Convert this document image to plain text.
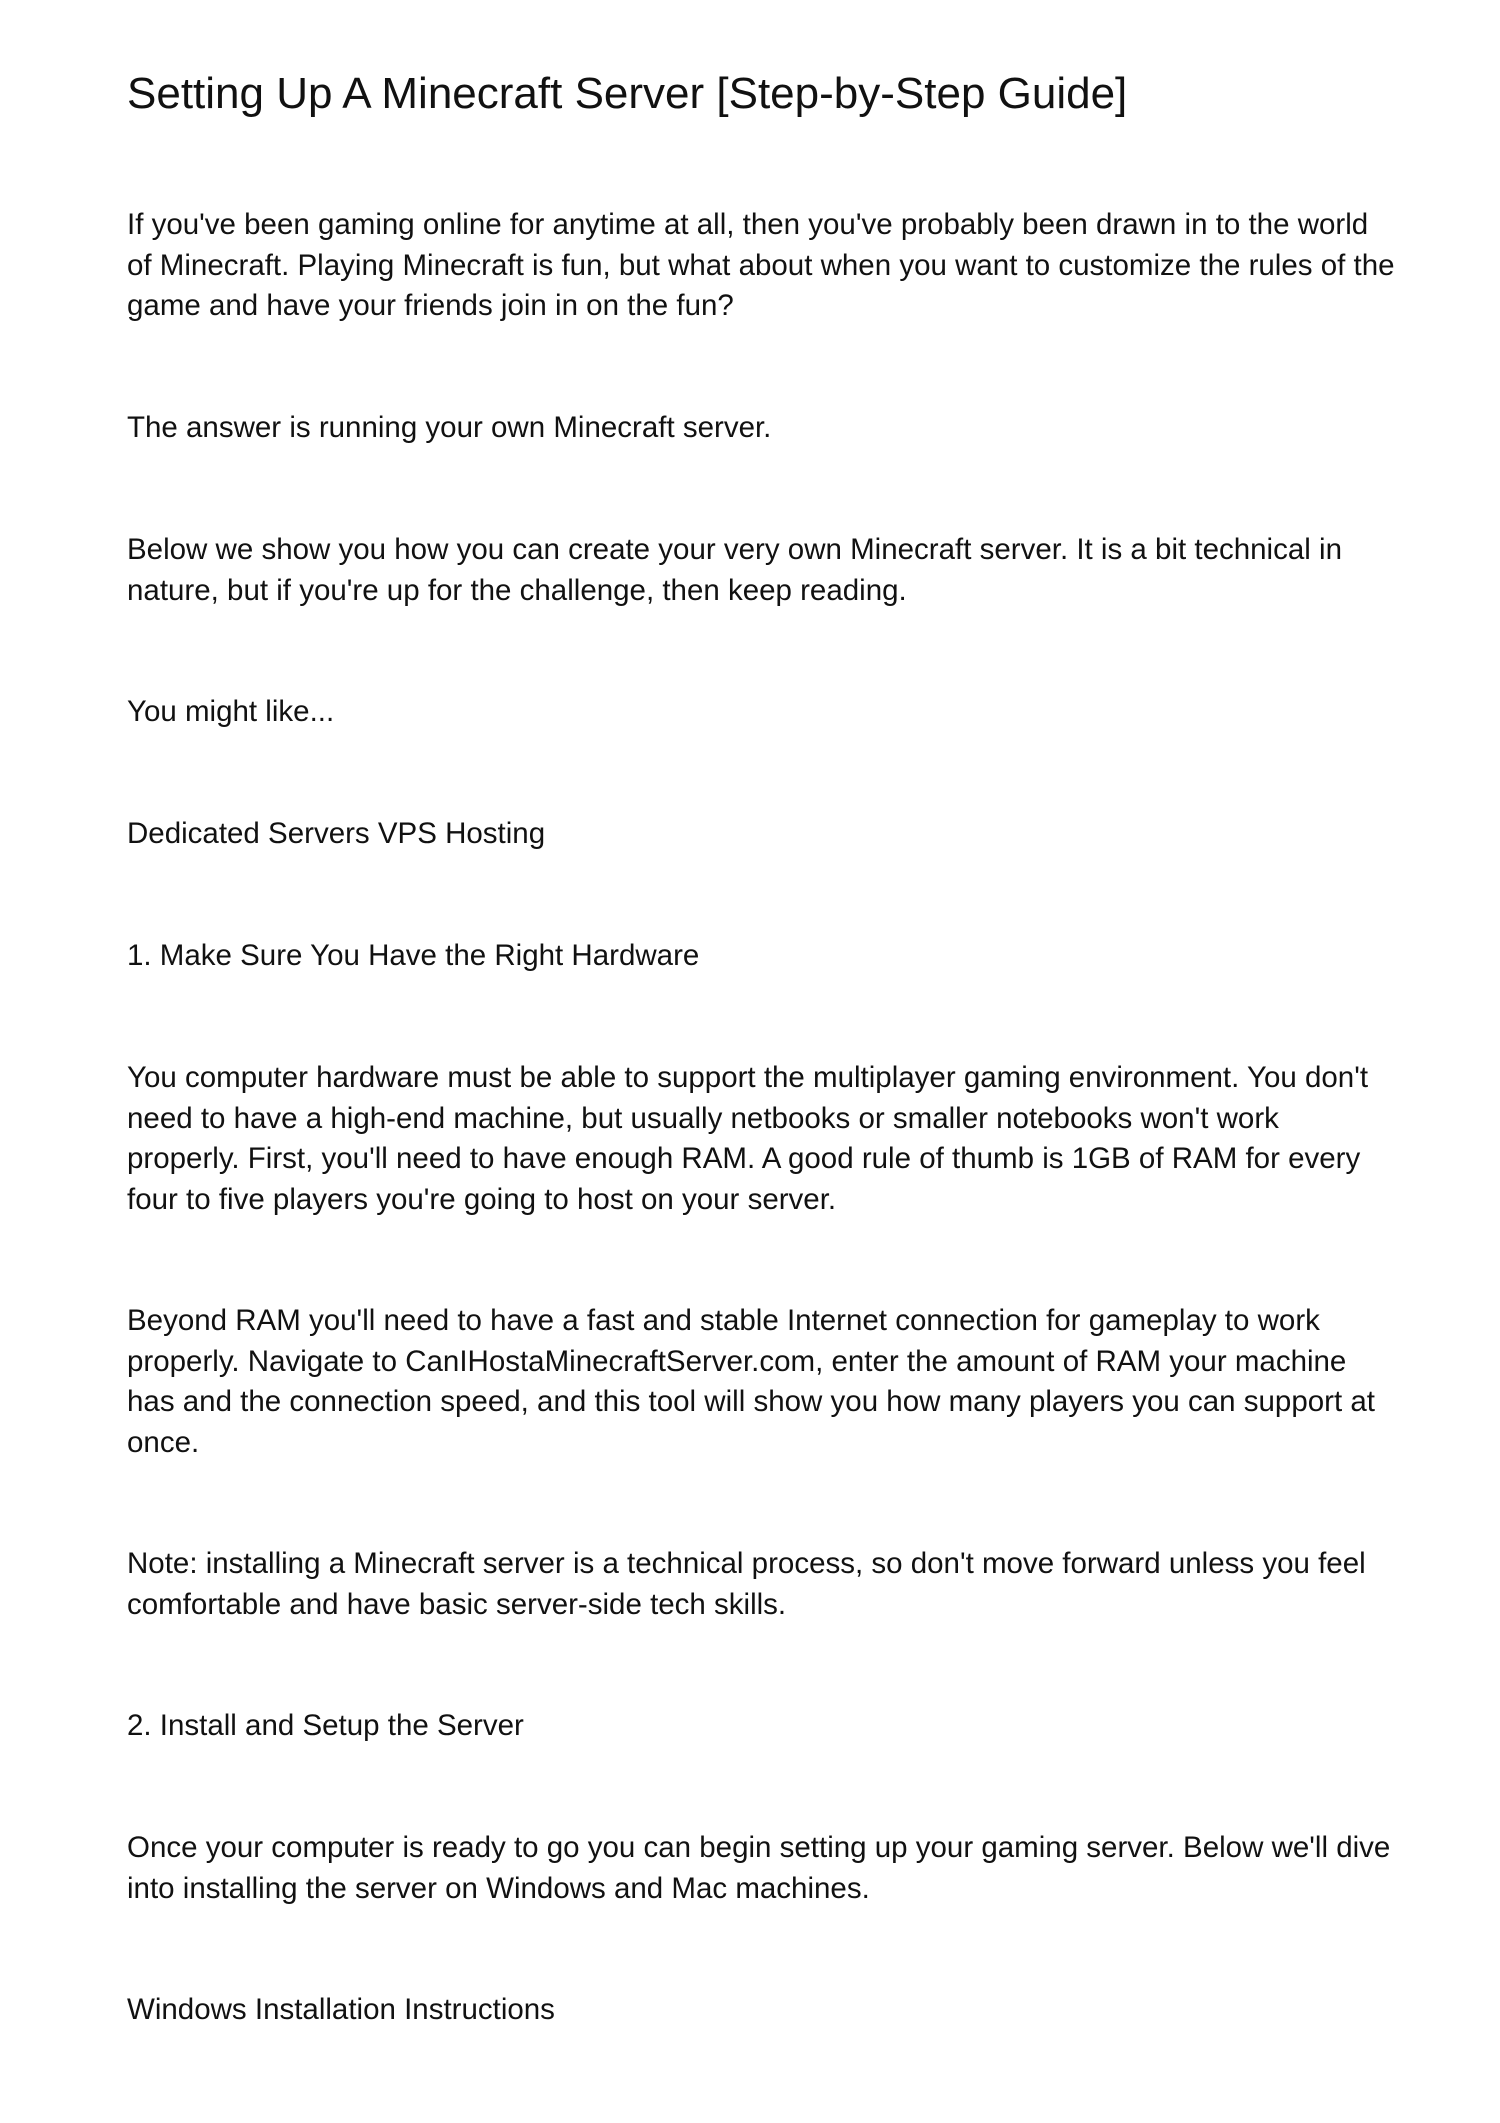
Setting Up A Minecraft Server [Step-by-Step Guide]

If you've been gaming online for anytime at all, then you've probably been drawn in to the world of Minecraft. Playing Minecraft is fun, but what about when you want to customize the rules of the game and have your friends join in on the fun?

The answer is running your own Minecraft server.

Below we show you how you can create your very own Minecraft server. It is a bit technical in nature, but if you're up for the challenge, then keep reading.

You might like...

Dedicated Servers VPS Hosting

1. Make Sure You Have the Right Hardware

You computer hardware must be able to support the multiplayer gaming environment. You don't need to have a high-end machine, but usually netbooks or smaller notebooks won't work properly. First, you'll need to have enough RAM. A good rule of thumb is 1GB of RAM for every four to five players you're going to host on your server.

Beyond RAM you'll need to have a fast and stable Internet connection for gameplay to work properly. Navigate to CanIHostaMinecraftServer.com, enter the amount of RAM your machine has and the connection speed, and this tool will show you how many players you can support at once.

Note: installing a Minecraft server is a technical process, so don't move forward unless you feel comfortable and have basic server-side tech skills.

2. Install and Setup the Server

Once your computer is ready to go you can begin setting up your gaming server. Below we'll dive into installing the server on Windows and Mac machines.

Windows Installation Instructions
